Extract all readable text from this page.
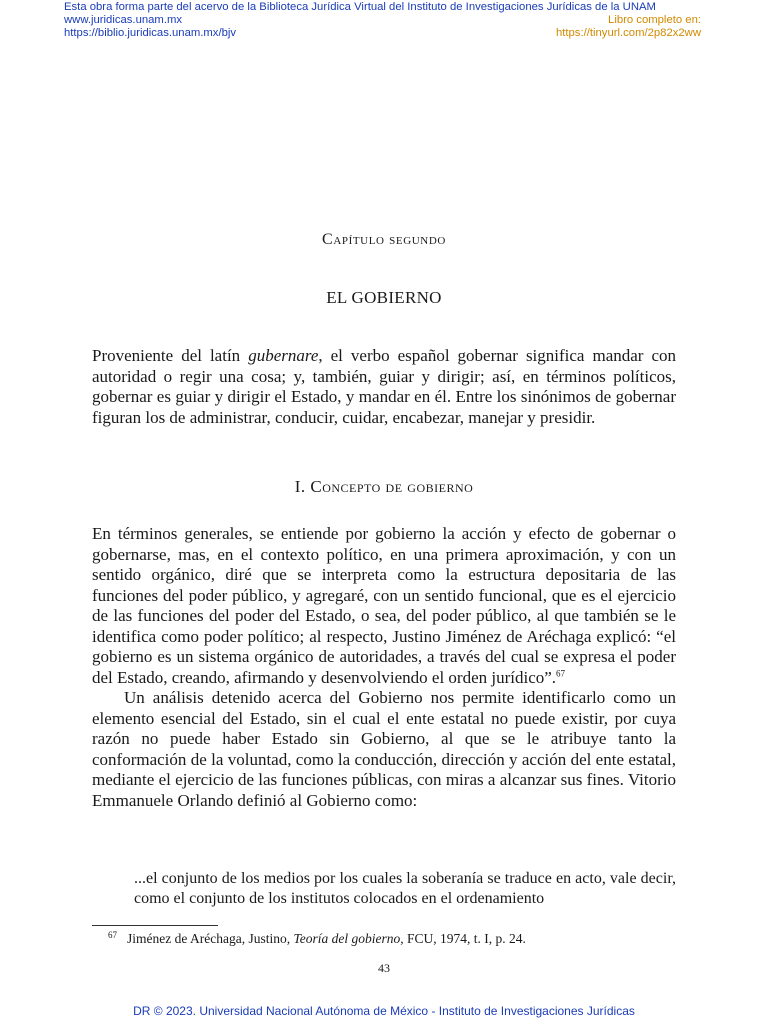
Esta obra forma parte del acervo de la Biblioteca Jurídica Virtual del Instituto de Investigaciones Jurídicas de la UNAM
www.juridicas.unam.mx
https://biblio.juridicas.unam.mx/bjv
Libro completo en:
https://tinyurl.com/2p82x2ww
Capítulo segundo
EL GOBIERNO
Proveniente del latín gubernare, el verbo español gobernar significa mandar con autoridad o regir una cosa; y, también, guiar y dirigir; así, en términos políticos, gobernar es guiar y dirigir el Estado, y mandar en él. Entre los sinónimos de gobernar figuran los de administrar, conducir, cuidar, encabezar, manejar y presidir.
I. Concepto de gobierno

En términos generales, se entiende por gobierno la acción y efecto de gobernar o gobernarse, mas, en el contexto político, en una primera aproximación, y con un sentido orgánico, diré que se interpreta como la estructura depositaria de las funciones del poder público, y agregaré, con un sentido funcional, que es el ejercicio de las funciones del poder del Estado, o sea, del poder público, al que también se le identifica como poder político; al respecto, Justino Jiménez de Aréchaga explicó: “el gobierno es un sistema orgánico de autoridades, a través del cual se expresa el poder del Estado, creando, afirmando y desenvolviendo el orden jurídico”.$^{67}$

Un análisis detenido acerca del Gobierno nos permite identificarlo como un elemento esencial del Estado, sin el cual el ente estatal no puede existir, por cuya razón no puede haber Estado sin Gobierno, al que se le atribuye tanto la conformación de la voluntad, como la conducción, dirección y acción del ente estatal, mediante el ejercicio de las funciones públicas, con miras a alcanzar sus fines. Vitorio Emmanuele Orlando definió al Gobierno como:

...el conjunto de los medios por los cuales la soberanía se traduce en acto, vale decir, como el conjunto de los institutos colocados en el ordenamiento
$^{67}$ Jiménez de Aréchaga, Justino, Teoría del gobierno, FCU, 1974, t. I, p. 24.
43
DR © 2023. Universidad Nacional Autónoma de México - Instituto de Investigaciones Jurídicas
